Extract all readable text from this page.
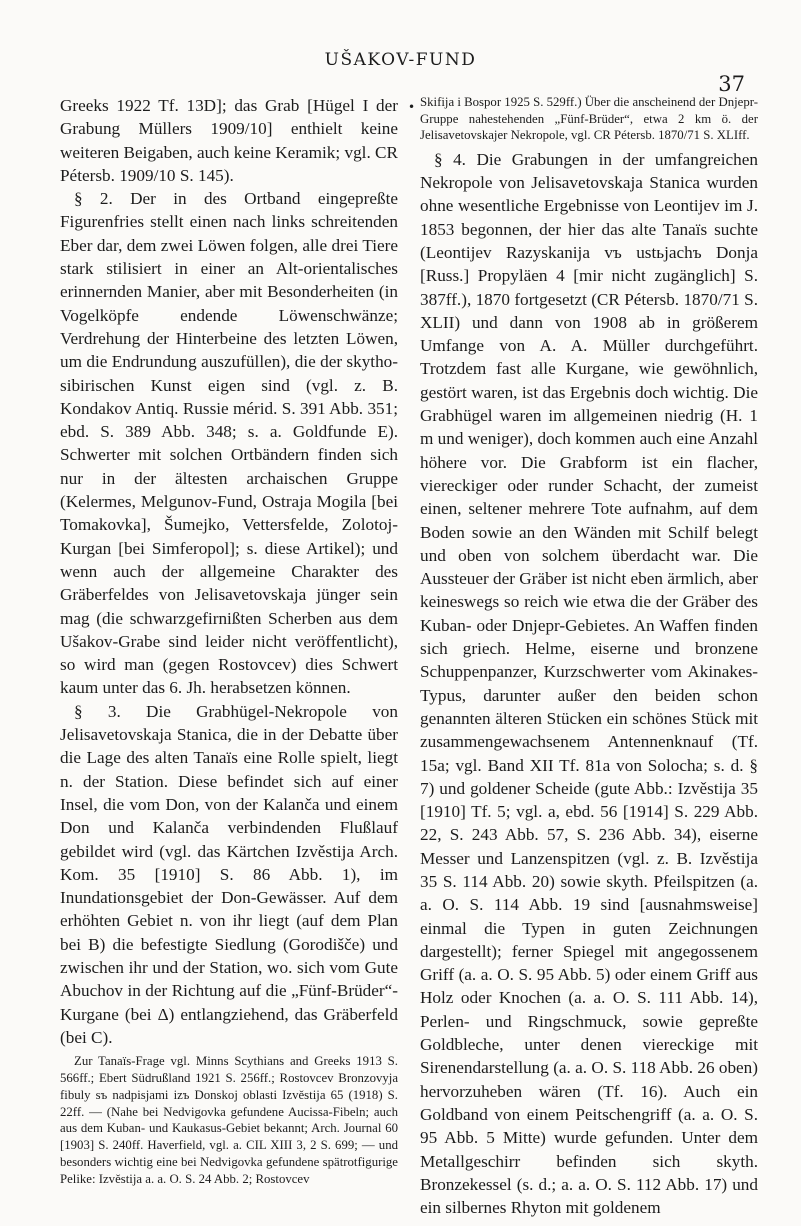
UŠAKOV-FUND
37
•

Greeks 1922 Tf. 13D]; das Grab [Hügel I der Grabung Müllers 1909/10] enthielt keine weiteren Beigaben, auch keine Keramik; vgl. CR Pétersb. 1909/10 S. 145).

§ 2. Der in des Ortband eingepreßte Figurenfries stellt einen nach links schreitenden Eber dar, dem zwei Löwen folgen, alle drei Tiere stark stilisiert in einer an Alt-orientalisches erinnernden Manier, aber mit Besonderheiten (in Vogelköpfe endende Löwenschwänze; Verdrehung der Hinterbeine des letzten Löwen, um die Endrundung auszufüllen), die der skytho-sibirischen Kunst eigen sind (vgl. z. B. Kondakov Antiq. Russie mérid. S. 391 Abb. 351; ebd. S. 389 Abb. 348; s. a. Goldfunde E). Schwerter mit solchen Ortbändern finden sich nur in der ältesten archaischen Gruppe (Kelermes, Melgunov-Fund, Ostraja Mogila [bei Tomakovka], Šumejko, Vettersfelde, Zolotoj-Kurgan [bei Simferopol]; s. diese Artikel); und wenn auch der allgemeine Charakter des Gräberfeldes von Jelisavetovskaja jünger sein mag (die schwarzgefirnißten Scherben aus dem Ušakov-Grabe sind leider nicht veröffentlicht), so wird man (gegen Rostovcev) dies Schwert kaum unter das 6. Jh. herabsetzen können.

§ 3. Die Grabhügel-Nekropole von Jelisavetovskaja Stanica, die in der Debatte über die Lage des alten Tanaïs eine Rolle spielt, liegt n. der Station. Diese befindet sich auf einer Insel, die vom Don, von der Kalanča und einem Don und Kalanča verbindenden Flußlauf gebildet wird (vgl. das Kärtchen Izvěstija Arch. Kom. 35 [1910] S. 86 Abb. 1), im Inundationsgebiet der Don-Gewässer. Auf dem erhöhten Gebiet n. von ihr liegt (auf dem Plan bei B) die befestigte Siedlung (Gorodišče) und zwischen ihr und der Station, wo. sich vom Gute Abuchov in der Richtung auf die „Fünf-Brüder“-Kurgane (bei Δ) entlangziehend, das Gräberfeld (bei C).

Zur Tanaïs-Frage vgl. Minns Scythians and Greeks 1913 S. 566ff.; Ebert Südrußland 1921 S. 256ff.; Rostovcev Bronzovyja fibuly sъ nadpisjami izъ Donskoj oblasti Izvěstija 65 (1918) S. 22ff. — (Nahe bei Nedvigovka gefundene Aucissa-Fibeln; auch aus dem Kuban- und Kaukasus-Gebiet bekannt; Arch. Journal 60 [1903] S. 240ff. Haverfield, vgl. a. CIL XIII 3, 2 S. 699; — und besonders wichtig eine bei Nedvigovka gefundene spätrotfigurige Pelike: Izvěstija a. a. O. S. 24 Abb. 2; Rostovcev

Skifija i Bospor 1925 S. 529ff.) Über die anscheinend der Dnjepr-Gruppe nahestehenden „Fünf-Brüder“, etwa 2 km ö. der Jelisavetovskajer Nekropole, vgl. CR Pétersb. 1870/71 S. XLIff.

§ 4. Die Grabungen in der umfangreichen Nekropole von Jelisavetovskaja Stanica wurden ohne wesentliche Ergebnisse von Leontijev im J. 1853 begonnen, der hier das alte Tanaïs suchte (Leontijev Razyskanija vъ ustьjachъ Donja [Russ.] Propyläen 4 [mir nicht zugänglich] S. 387ff.), 1870 fortgesetzt (CR Pétersb. 1870/71 S. XLII) und dann von 1908 ab in größerem Umfange von A. A. Müller durchgeführt. Trotzdem fast alle Kurgane, wie gewöhnlich, gestört waren, ist das Ergebnis doch wichtig. Die Grabhügel waren im allgemeinen niedrig (H. 1 m und weniger), doch kommen auch eine Anzahl höhere vor. Die Grabform ist ein flacher, viereckiger oder runder Schacht, der zumeist einen, seltener mehrere Tote aufnahm, auf dem Boden sowie an den Wänden mit Schilf belegt und oben von solchem überdacht war. Die Aussteuer der Gräber ist nicht eben ärmlich, aber keineswegs so reich wie etwa die der Gräber des Kuban- oder Dnjepr-Gebietes. An Waffen finden sich griech. Helme, eiserne und bronzene Schuppenpanzer, Kurzschwerter vom Akinakes-Typus, darunter außer den beiden schon genannten älteren Stücken ein schönes Stück mit zusammengewachsenem Antennenknauf (Tf. 15a; vgl. Band XII Tf. 81a von Solocha; s. d. § 7) und goldener Scheide (gute Abb.: Izvěstija 35 [1910] Tf. 5; vgl. a, ebd. 56 [1914] S. 229 Abb. 22, S. 243 Abb. 57, S. 236 Abb. 34), eiserne Messer und Lanzenspitzen (vgl. z. B. Izvěstija 35 S. 114 Abb. 20) sowie skyth. Pfeilspitzen (a. a. O. S. 114 Abb. 19 sind [ausnahmsweise] einmal die Typen in guten Zeichnungen dargestellt); ferner Spiegel mit angegossenem Griff (a. a. O. S. 95 Abb. 5) oder einem Griff aus Holz oder Knochen (a. a. O. S. 111 Abb. 14), Perlen- und Ringschmuck, sowie gepreßte Goldbleche, unter denen viereckige mit Sirenendarstellung (a. a. O. S. 118 Abb. 26 oben) hervorzuheben wären (Tf. 16). Auch ein Goldband von einem Peitschengriff (a. a. O. S. 95 Abb. 5 Mitte) wurde gefunden. Unter dem Metallgeschirr befinden sich skyth. Bronzekessel (s. d.; a. a. O. S. 112 Abb. 17) und ein silbernes Rhyton mit goldenem
